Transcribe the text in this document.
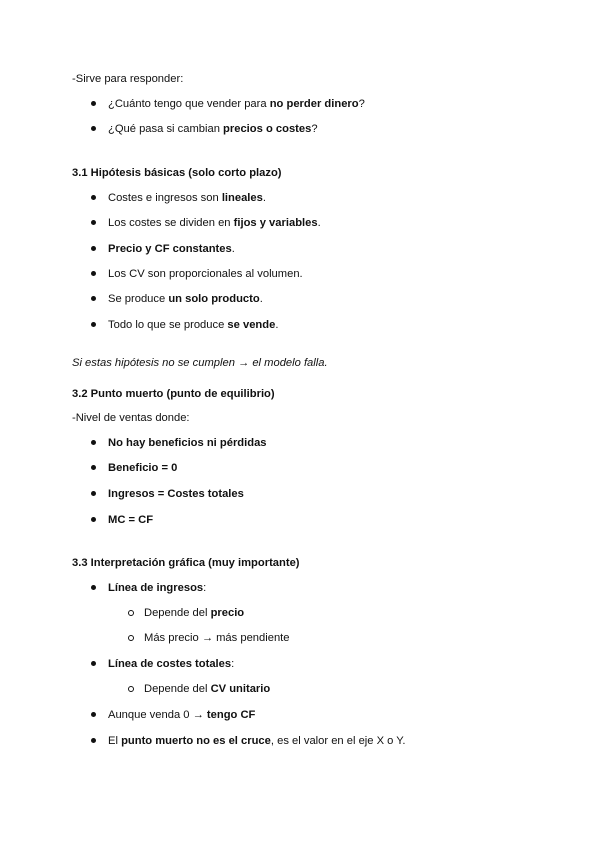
-Sirve para responder:
¿Cuánto tengo que vender para no perder dinero?
¿Qué pasa si cambian precios o costes?
3.1 Hipótesis básicas (solo corto plazo)
Costes e ingresos son lineales.
Los costes se dividen en fijos y variables.
Precio y CF constantes.
Los CV son proporcionales al volumen.
Se produce un solo producto.
Todo lo que se produce se vende.
Si estas hipótesis no se cumplen → el modelo falla.
3.2 Punto muerto (punto de equilibrio)
-Nivel de ventas donde:
No hay beneficios ni pérdidas
Beneficio = 0
Ingresos = Costes totales
MC = CF
3.3 Interpretación gráfica (muy importante)
Línea de ingresos:
Depende del precio
Más precio → más pendiente
Línea de costes totales:
Depende del CV unitario
Aunque venda 0 → tengo CF
El punto muerto no es el cruce, es el valor en el eje X o Y.
